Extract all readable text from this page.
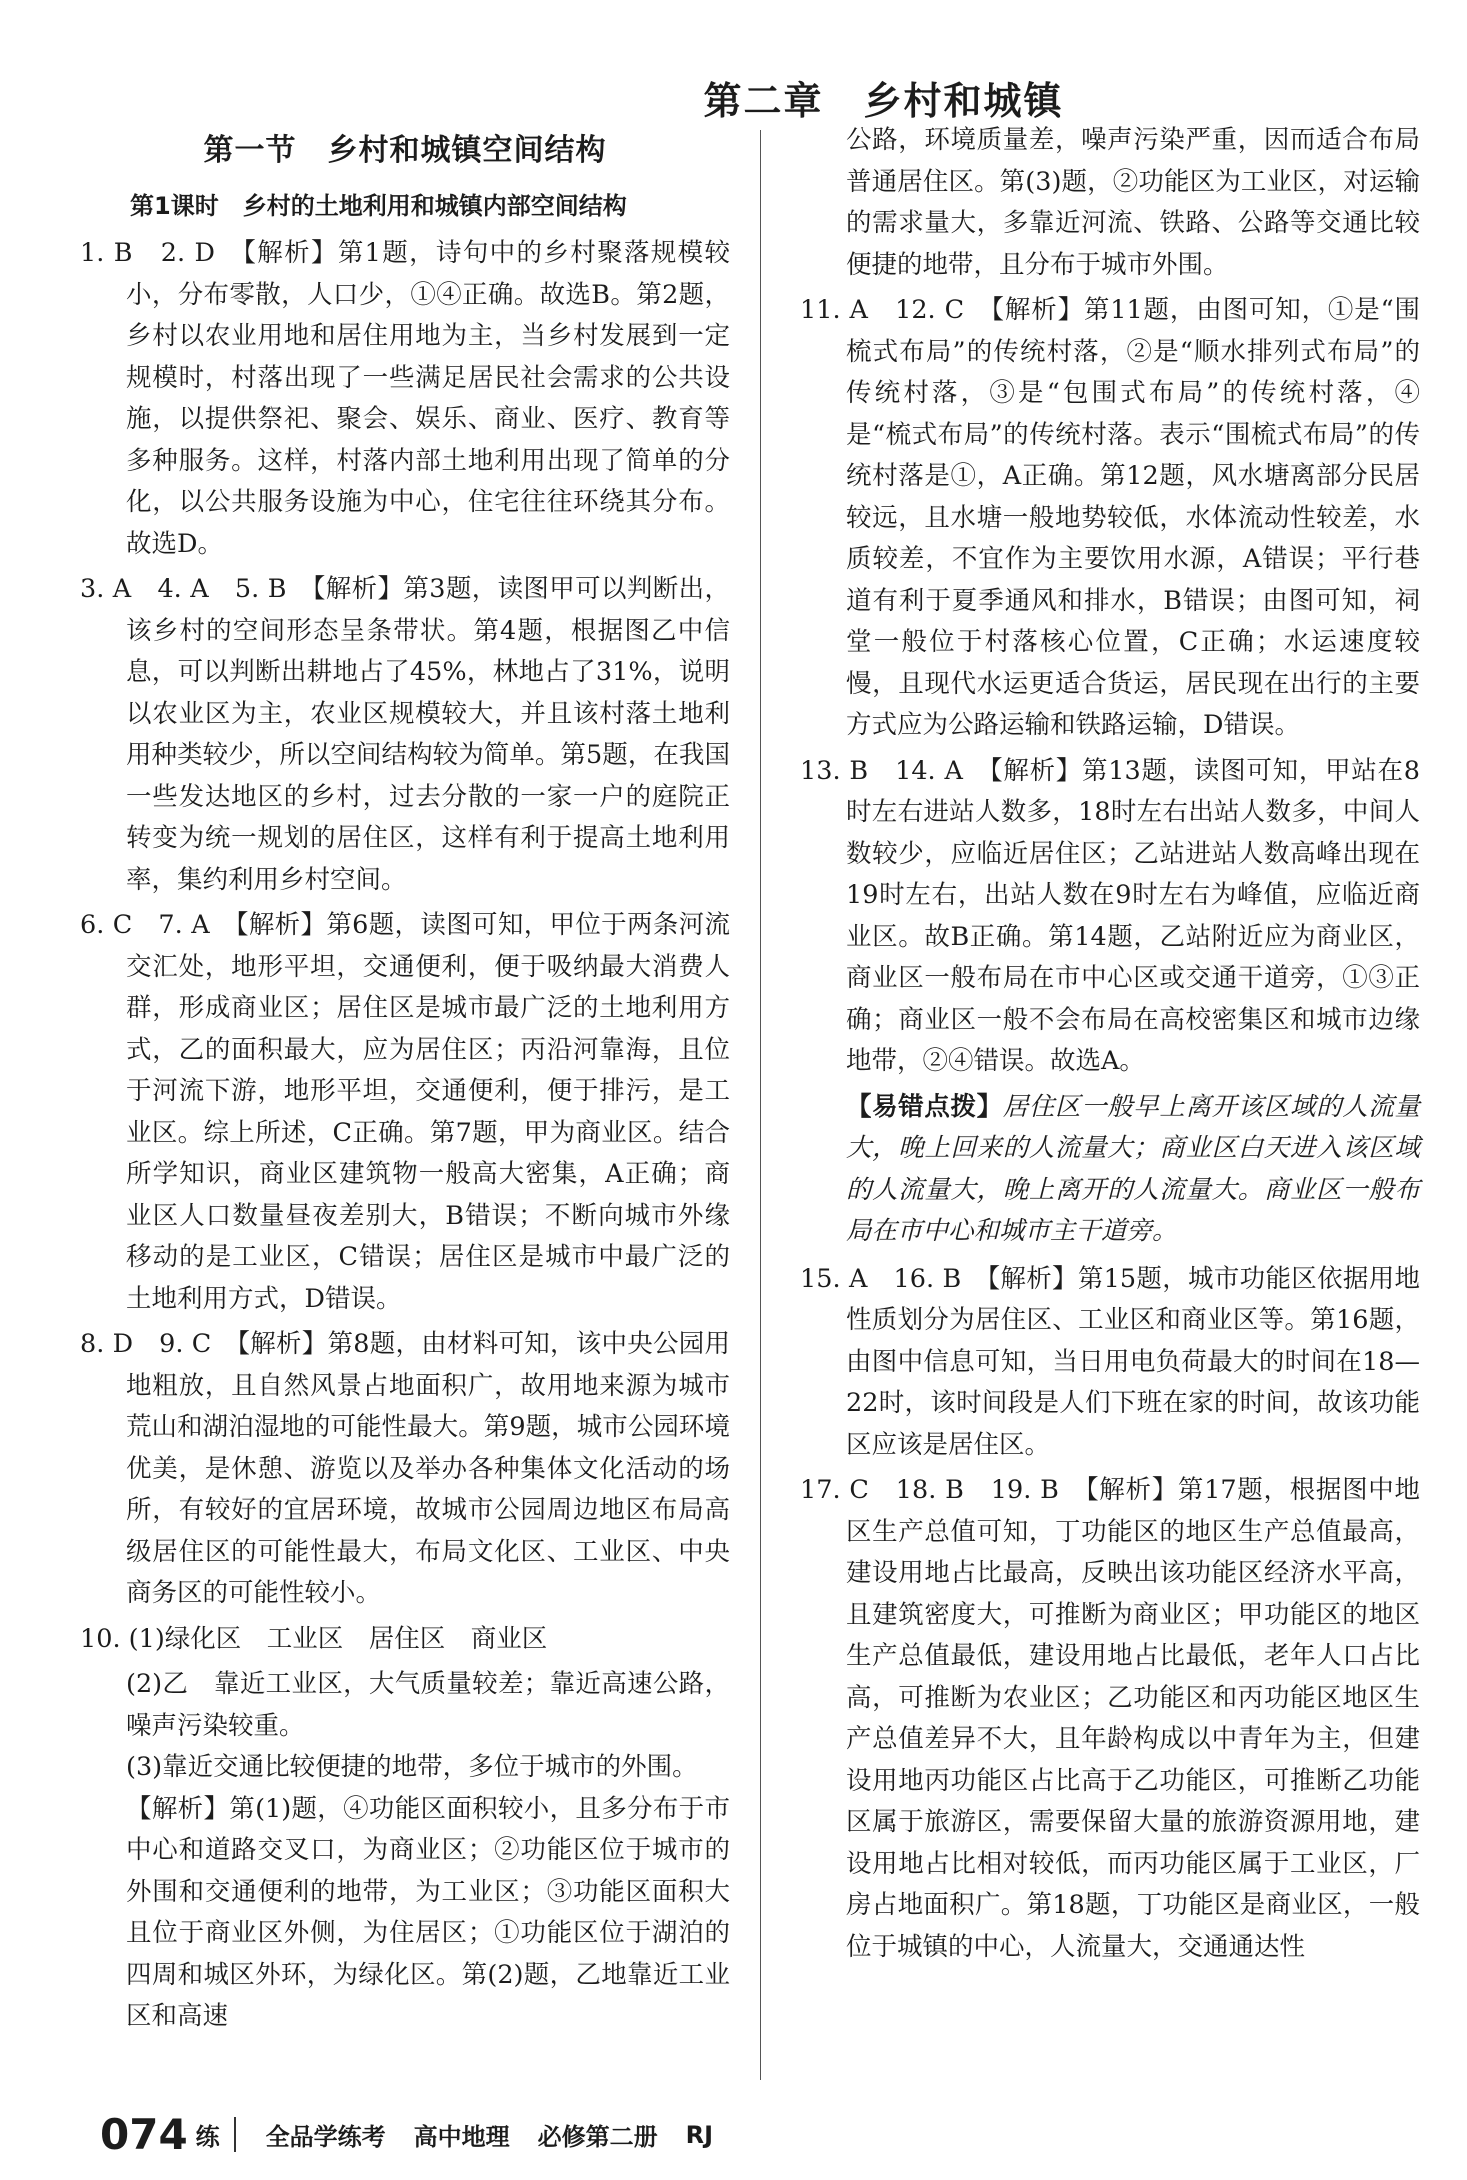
第二章　乡村和城镇
第一节　乡村和城镇空间结构
第1课时　乡村的土地利用和城镇内部空间结构

1. B　2. D　【解析】第1题，诗句中的乡村聚落规模较小，分布零散，人口少，①④正确。故选B。第2题，乡村以农业用地和居住用地为主，当乡村发展到一定规模时，村落出现了一些满足居民社会需求的公共设施，以提供祭祀、聚会、娱乐、商业、医疗、教育等多种服务。这样，村落内部土地利用出现了简单的分化，以公共服务设施为中心，住宅往往环绕其分布。故选D。

3. A　4. A　5. B　【解析】第3题，读图甲可以判断出，该乡村的空间形态呈条带状。第4题，根据图乙中信息，可以判断出耕地占了45%，林地占了31%，说明以农业区为主，农业区规模较大，并且该村落土地利用种类较少，所以空间结构较为简单。第5题，在我国一些发达地区的乡村，过去分散的一家一户的庭院正转变为统一规划的居住区，这样有利于提高土地利用率，集约利用乡村空间。

6. C　7. A　【解析】第6题，读图可知，甲位于两条河流交汇处，地形平坦，交通便利，便于吸纳最大消费人群，形成商业区；居住区是城市最广泛的土地利用方式，乙的面积最大，应为居住区；丙沿河靠海，且位于河流下游，地形平坦，交通便利，便于排污，是工业区。综上所述，C正确。第7题，甲为商业区。结合所学知识，商业区建筑物一般高大密集，A正确；商业区人口数量昼夜差别大，B错误；不断向城市外缘移动的是工业区，C错误；居住区是城市中最广泛的土地利用方式，D错误。

8. D　9. C　【解析】第8题，由材料可知，该中央公园用地粗放，且自然风景占地面积广，故用地来源为城市荒山和湖泊湿地的可能性最大。第9题，城市公园环境优美，是休憩、游览以及举办各种集体文化活动的场所，有较好的宜居环境，故城市公园周边地区布局高级居住区的可能性最大，布局文化区、工业区、中央商务区的可能性较小。

10. (1)绿化区　工业区　居住区　商业区

(2)乙　靠近工业区，大气质量较差；靠近高速公路，噪声污染较重。

(3)靠近交通比较便捷的地带，多位于城市的外围。

【解析】第(1)题，④功能区面积较小，且多分布于市中心和道路交叉口，为商业区；②功能区位于城市的外围和交通便利的地带，为工业区；③功能区面积大且位于商业区外侧，为住居区；①功能区位于湖泊的四周和城区外环，为绿化区。第(2)题，乙地靠近工业区和高速

公路，环境质量差，噪声污染严重，因而适合布局普通居住区。第(3)题，②功能区为工业区，对运输的需求量大，多靠近河流、铁路、公路等交通比较便捷的地带，且分布于城市外围。

11. A　12. C　【解析】第11题，由图可知，①是“围梳式布局”的传统村落，②是“顺水排列式布局”的传统村落，③是“包围式布局”的传统村落，④是“梳式布局”的传统村落。表示“围梳式布局”的传统村落是①，A正确。第12题，风水塘离部分民居较远，且水塘一般地势较低，水体流动性较差，水质较差，不宜作为主要饮用水源，A错误；平行巷道有利于夏季通风和排水，B错误；由图可知，祠堂一般位于村落核心位置，C正确；水运速度较慢，且现代水运更适合货运，居民现在出行的主要方式应为公路运输和铁路运输，D错误。

13. B　14. A　【解析】第13题，读图可知，甲站在8时左右进站人数多，18时左右出站人数多，中间人数较少，应临近居住区；乙站进站人数高峰出现在19时左右，出站人数在9时左右为峰值，应临近商业区。故B正确。第14题，乙站附近应为商业区，商业区一般布局在市中心区或交通干道旁，①③正确；商业区一般不会布局在高校密集区和城市边缘地带，②④错误。故选A。

【易错点拨】居住区一般早上离开该区域的人流量大，晚上回来的人流量大；商业区白天进入该区域的人流量大，晚上离开的人流量大。商业区一般布局在市中心和城市主干道旁。

15. A　16. B　【解析】第15题，城市功能区依据用地性质划分为居住区、工业区和商业区等。第16题，由图中信息可知，当日用电负荷最大的时间在18—22时，该时间段是人们下班在家的时间，故该功能区应该是居住区。

17. C　18. B　19. B　【解析】第17题，根据图中地区生产总值可知，丁功能区的地区生产总值最高，建设用地占比最高，反映出该功能区经济水平高，且建筑密度大，可推断为商业区；甲功能区的地区生产总值最低，建设用地占比最低，老年人口占比高，可推断为农业区；乙功能区和丙功能区地区生产总值差异不大，且年龄构成以中青年为主，但建设用地丙功能区占比高于乙功能区，可推断乙功能区属于旅游区，需要保留大量的旅游资源用地，建设用地占比相对较低，而丙功能区属于工业区，厂房占地面积广。第18题，丁功能区是商业区，一般位于城镇的中心，人流量大，交通通达性

074 练	全品学练考 高中地理 必修第二册 RJ
